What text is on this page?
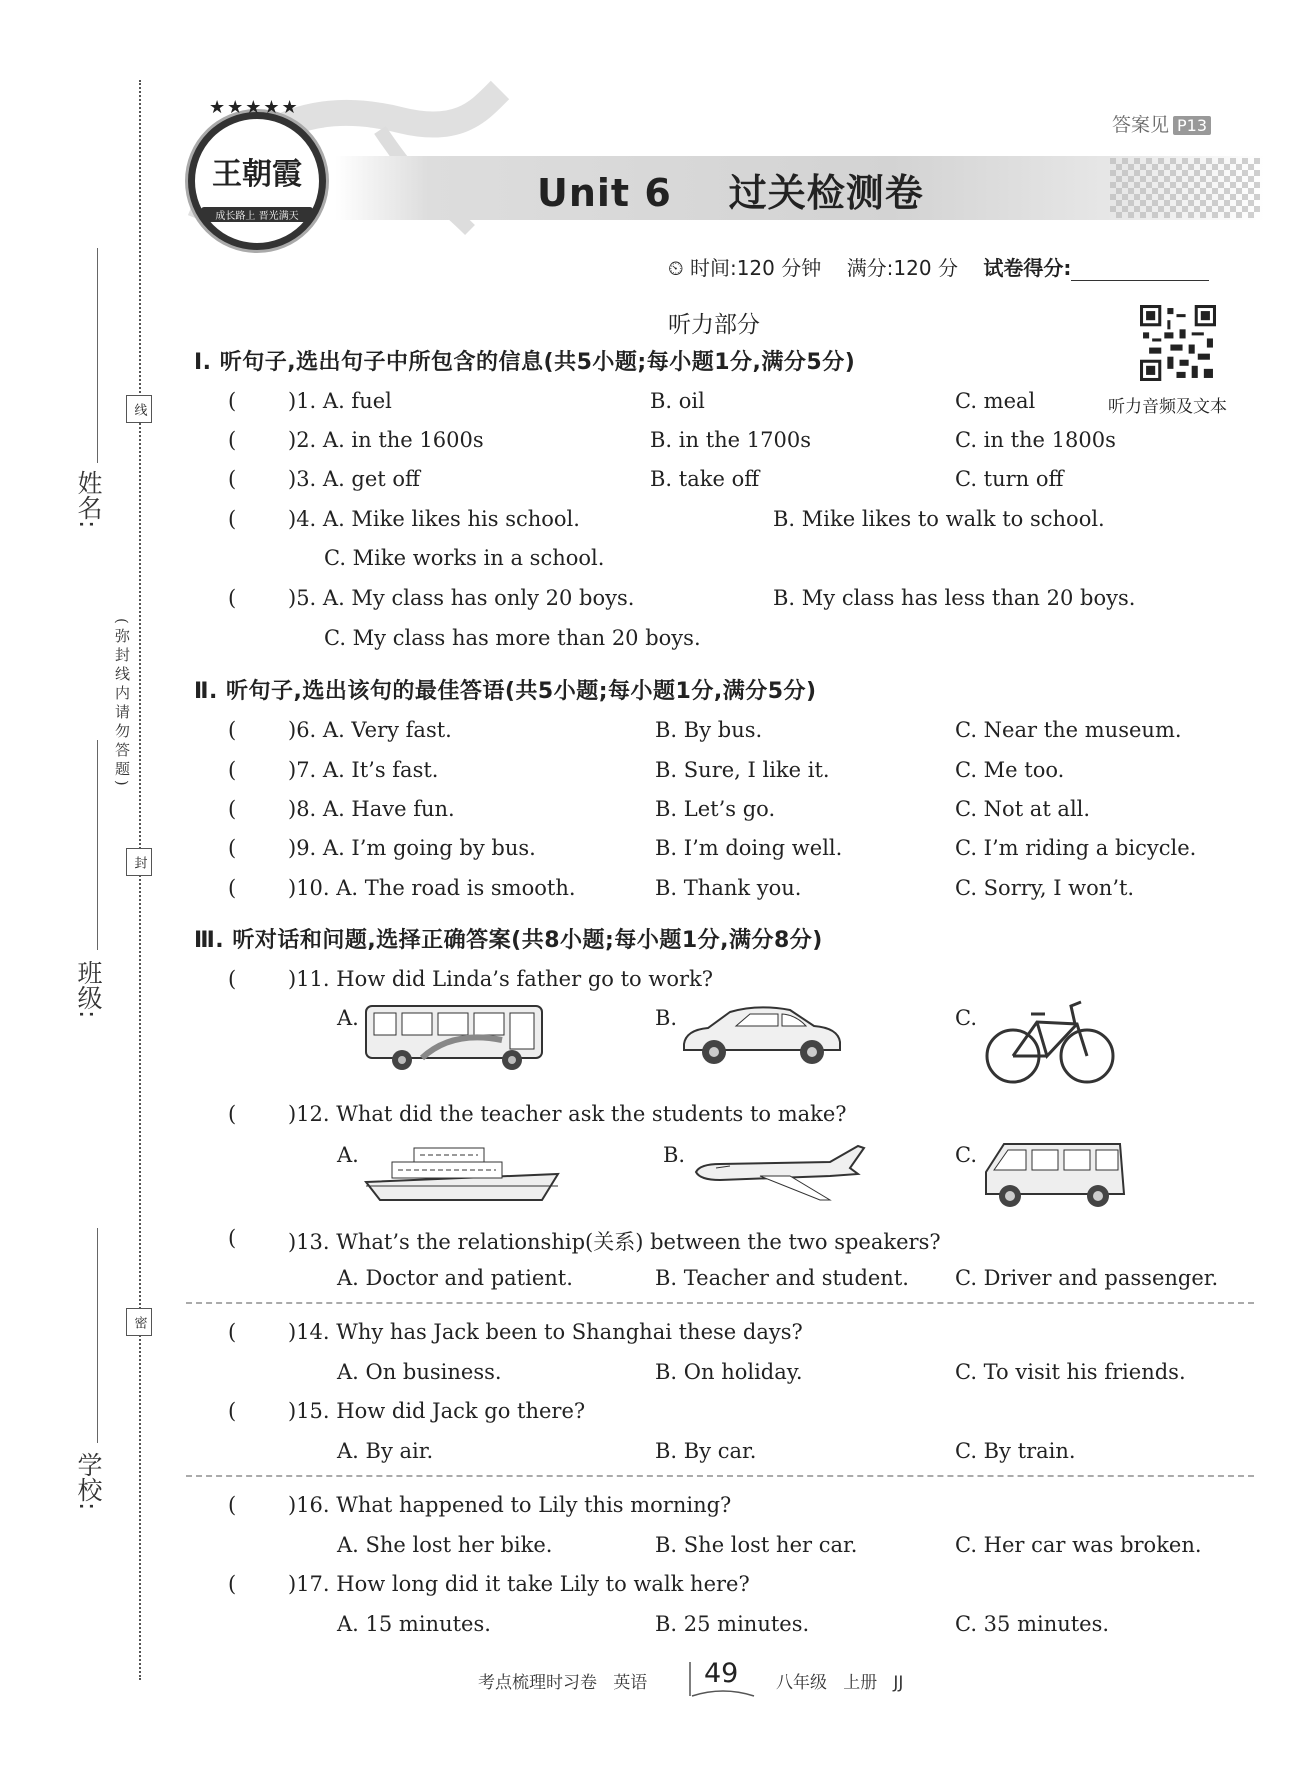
姓名:
班级:
学校:
线
封
密
(弥封线内请勿答题)
★★★★★
王朝霞
成长路上 晋光满天
Unit 6    过关检测卷
答案见 P13
⏲ 时间:120 分钟 满分:120 分 试卷得分:
听力部分
听力音频及文本
Ⅰ. 听句子,选出句子中所包含的信息(共5小题;每小题1分,满分5分)
( )1. A. fuel	B. oil	C. meal
( )2. A. in the 1600s	B. in the 1700s	C. in the 1800s
( )3. A. get off	B. take off	C. turn off
( )4. A. Mike likes his school.	B. Mike likes to walk to school.
C. Mike works in a school.
( )5. A. My class has only 20 boys.	B. My class has less than 20 boys.
C. My class has more than 20 boys.
Ⅱ. 听句子,选出该句的最佳答语(共5小题;每小题1分,满分5分)
( )6. A. Very fast.	B. By bus.	C. Near the museum.
( )7. A. It’s fast.	B. Sure, I like it.	C. Me too.
( )8. A. Have fun.	B. Let’s go.	C. Not at all.
( )9. A. I’m going by bus.	B. I’m doing well.	C. I’m riding a bicycle.
( )10. A. The road is smooth.	B. Thank you.	C. Sorry, I won’t.
Ⅲ. 听对话和问题,选择正确答案(共8小题;每小题1分,满分8分)
( )11. How did Linda’s father go to work?
A.	B.	C.
( )12. What did the teacher ask the students to make?
A.	B.	C.
( )13. What’s the relationship(关系) between the two speakers?
A. Doctor and patient.	B. Teacher and student. C. Driver and passenger.
( )14. Why has Jack been to Shanghai these days?
A. On business.	B. On holiday.	C. To visit his friends.
( )15. How did Jack go there?
A. By air.	B. By car.	C. By train.
( )16. What happened to Lily this morning?
A. She lost her bike.	B. She lost her car.	C. Her car was broken.
( )17. How long did it take Lily to walk here?
A. 15 minutes.	B. 25 minutes.	C. 35 minutes.
考点梳理时习卷   英语 49 八年级   上册   JJ
